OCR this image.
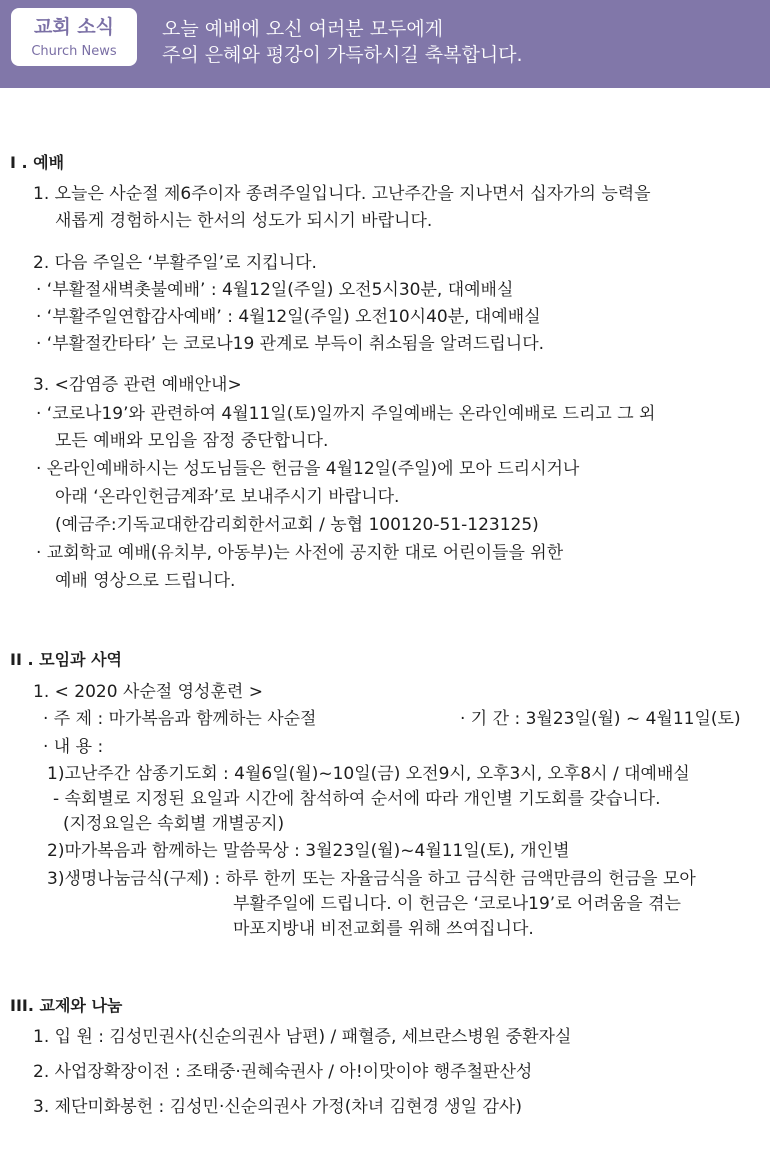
교회 소식
Church News
오늘 예배에 오신 여러분 모두에게
주의 은혜와 평강이 가득하시길 축복합니다.
I . 예배
1. 오늘은 사순절 제6주이자 종려주일입니다. 고난주간을 지나면서 십자가의 능력을
새롭게 경험하시는 한서의 성도가 되시기 바랍니다.
2. 다음 주일은 ‘부활주일’로 지킵니다.
· ‘부활절새벽촛불예배’ : 4월12일(주일) 오전5시30분, 대예배실
· ‘부활주일연합감사예배’ : 4월12일(주일) 오전10시40분, 대예배실
· ‘부활절칸타타’ 는 코로나19 관계로 부득이 취소됨을 알려드립니다.
3. <감염증 관련 예배안내>
· ‘코로나19’와 관련하여 4월11일(토)일까지 주일예배는 온라인예배로 드리고 그 외
모든 예배와 모임을 잠정 중단합니다.
· 온라인예배하시는 성도님들은 헌금을 4월12일(주일)에 모아 드리시거나
아래 ‘온라인헌금계좌’로 보내주시기 바랍니다.
(예금주:기독교대한감리회한서교회 / 농협 100120-51-123125)
· 교회학교 예배(유치부, 아동부)는 사전에 공지한 대로 어린이들을 위한
예배 영상으로 드립니다.
II . 모임과 사역
1. < 2020 사순절 영성훈련 >
· 주 제 : 마가복음과 함께하는 사순절	· 기 간 : 3월23일(월) ~ 4월11일(토)
· 내 용 :
1)고난주간 삼종기도회 : 4월6일(월)~10일(금) 오전9시, 오후3시, 오후8시 / 대예배실
- 속회별로 지정된 요일과 시간에 참석하여 순서에 따라 개인별 기도회를 갖습니다.
(지정요일은 속회별 개별공지)
2)마가복음과 함께하는 말씀묵상 : 3월23일(월)~4월11일(토), 개인별
3)생명나눔금식(구제) : 하루 한끼 또는 자율금식을 하고 금식한 금액만큼의 헌금을 모아
부활주일에 드립니다. 이 헌금은 ‘코로나19’로 어려움을 겪는
마포지방내 비전교회를 위해 쓰여집니다.
III. 교제와 나눔
1. 입 원 : 김성민권사(신순의권사 남편) / 패혈증, 세브란스병원 중환자실
2. 사업장확장이전 : 조태중·권혜숙권사 / 아!이맛이야 행주철판산성
3. 제단미화봉헌 : 김성민·신순의권사 가정(차녀 김현경 생일 감사)
